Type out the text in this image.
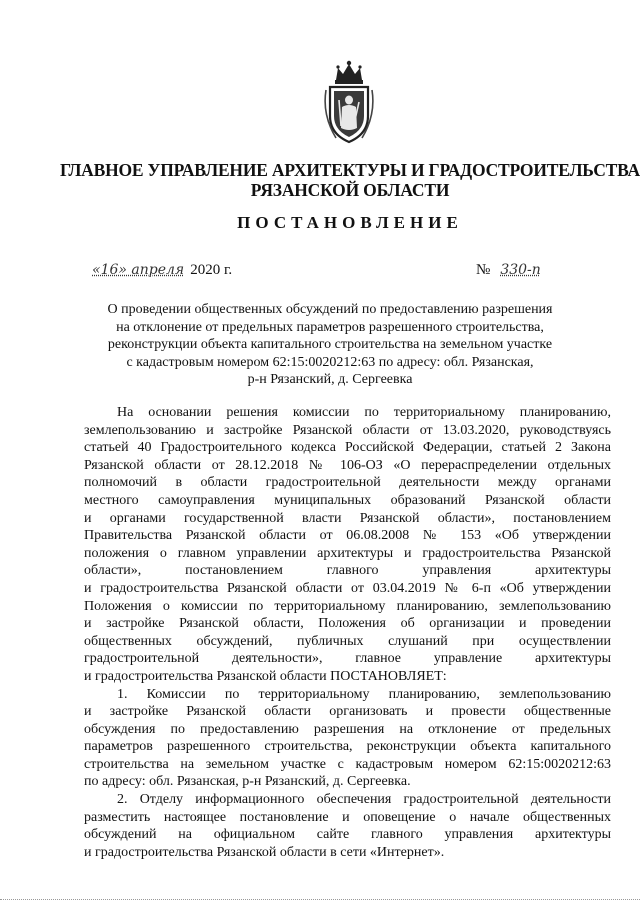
ГЛАВНОЕ УПРАВЛЕНИЕ АРХИТЕКТУРЫ И ГРАДОСТРОИТЕЛЬСТВА
РЯЗАНСКОЙ ОБЛАСТИ
ПОСТАНОВЛЕНИЕ
«16» апреля 2020 г.	№ 330-п
О проведении общественных обсуждений по предоставлению разрешения
на отклонение от предельных параметров разрешенного строительства,
реконструкции объекта капитального строительства на земельном участке
с кадастровым номером 62:15:0020212:63 по адресу: обл. Рязанская,
р-н Рязанский, д. Сергеевка
На основании решения комиссии по территориальному планированию,
землепользованию и застройке Рязанской области от 13.03.2020, руководствуясь
статьей 40 Градостроительного кодекса Российской Федерации, статьей 2 Закона
Рязанской области от 28.12.2018 № 106-ОЗ «О перераспределении отдельных
полномочий в области градостроительной деятельности между органами
местного самоуправления муниципальных образований Рязанской области
и органами государственной власти Рязанской области», постановлением
Правительства Рязанской области от 06.08.2008 № 153 «Об утверждении
положения о главном управлении архитектуры и градостроительства Рязанской
области», постановлением главного управления архитектуры
и градостроительства Рязанской области от 03.04.2019 № 6-п «Об утверждении
Положения о комиссии по территориальному планированию, землепользованию
и застройке Рязанской области, Положения об организации и проведении
общественных обсуждений, публичных слушаний при осуществлении
градостроительной деятельности», главное управление архитектуры
и градостроительства Рязанской области ПОСТАНОВЛЯЕТ:
1. Комиссии по территориальному планированию, землепользованию
и застройке Рязанской области организовать и провести общественные
обсуждения по предоставлению разрешения на отклонение от предельных
параметров разрешенного строительства, реконструкции объекта капитального
строительства на земельном участке с кадастровым номером 62:15:0020212:63
по адресу: обл. Рязанская, р-н Рязанский, д. Сергеевка.
2. Отделу информационного обеспечения градостроительной деятельности
разместить настоящее постановление и оповещение о начале общественных
обсуждений на официальном сайте главного управления архитектуры
и градостроительства Рязанской области в сети «Интернет».
